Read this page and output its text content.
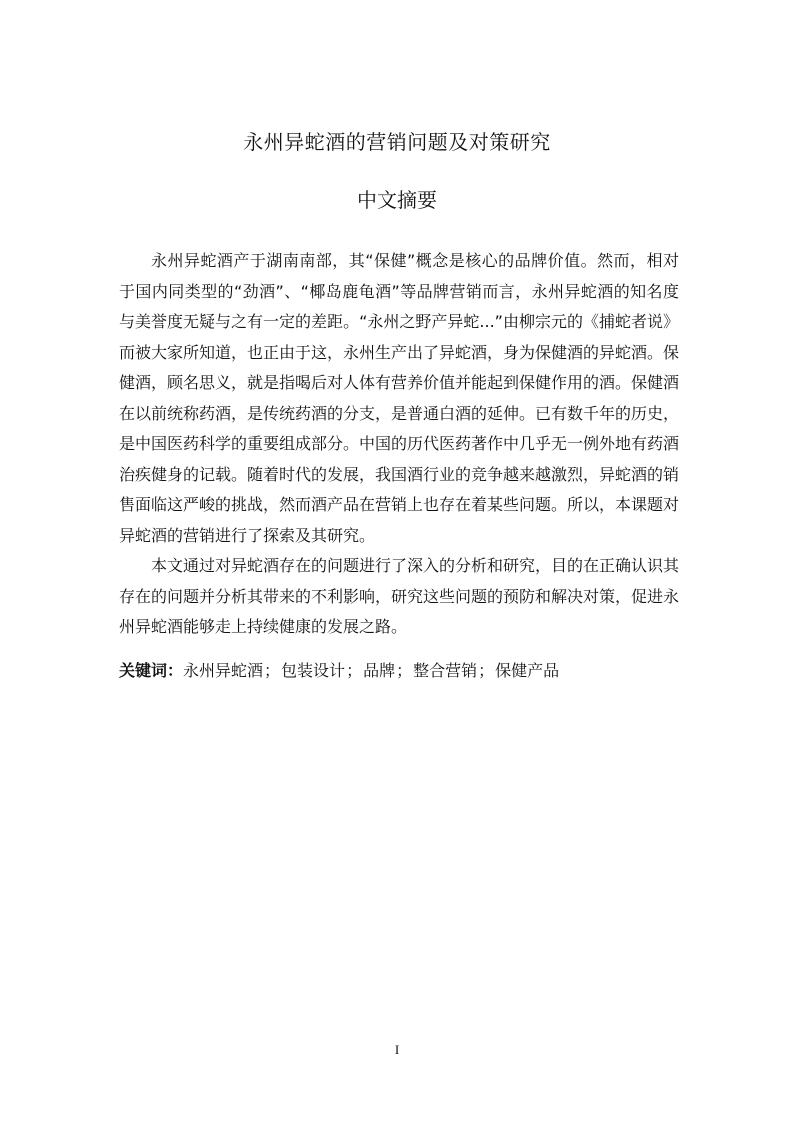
永州异蛇酒的营销问题及对策研究
中文摘要

永州异蛇酒产于湖南南部，其“保健”概念是核心的品牌价值。然而，相对于国内同类型的“劲酒”、“椰岛鹿龟酒”等品牌营销而言，永州异蛇酒的知名度与美誉度无疑与之有一定的差距。“永州之野产异蛇...”由柳宗元的《捕蛇者说》而被大家所知道，也正由于这，永州生产出了异蛇酒，身为保健酒的异蛇酒。保健酒，顾名思义，就是指喝后对人体有营养价值并能起到保健作用的酒。保健酒在以前统称药酒，是传统药酒的分支，是普通白酒的延伸。已有数千年的历史，是中国医药科学的重要组成部分。中国的历代医药著作中几乎无一例外地有药酒治疾健身的记载。随着时代的发展，我国酒行业的竞争越来越激烈，异蛇酒的销售面临这严峻的挑战，然而酒产品在营销上也存在着某些问题。所以，本课题对异蛇酒的营销进行了探索及其研究。

本文通过对异蛇酒存在的问题进行了深入的分析和研究，目的在正确认识其存在的问题并分析其带来的不利影响，研究这些问题的预防和解决对策，促进永州异蛇酒能够走上持续健康的发展之路。

关键词：永州异蛇酒；包装设计；品牌；整合营销；保健产品
I
